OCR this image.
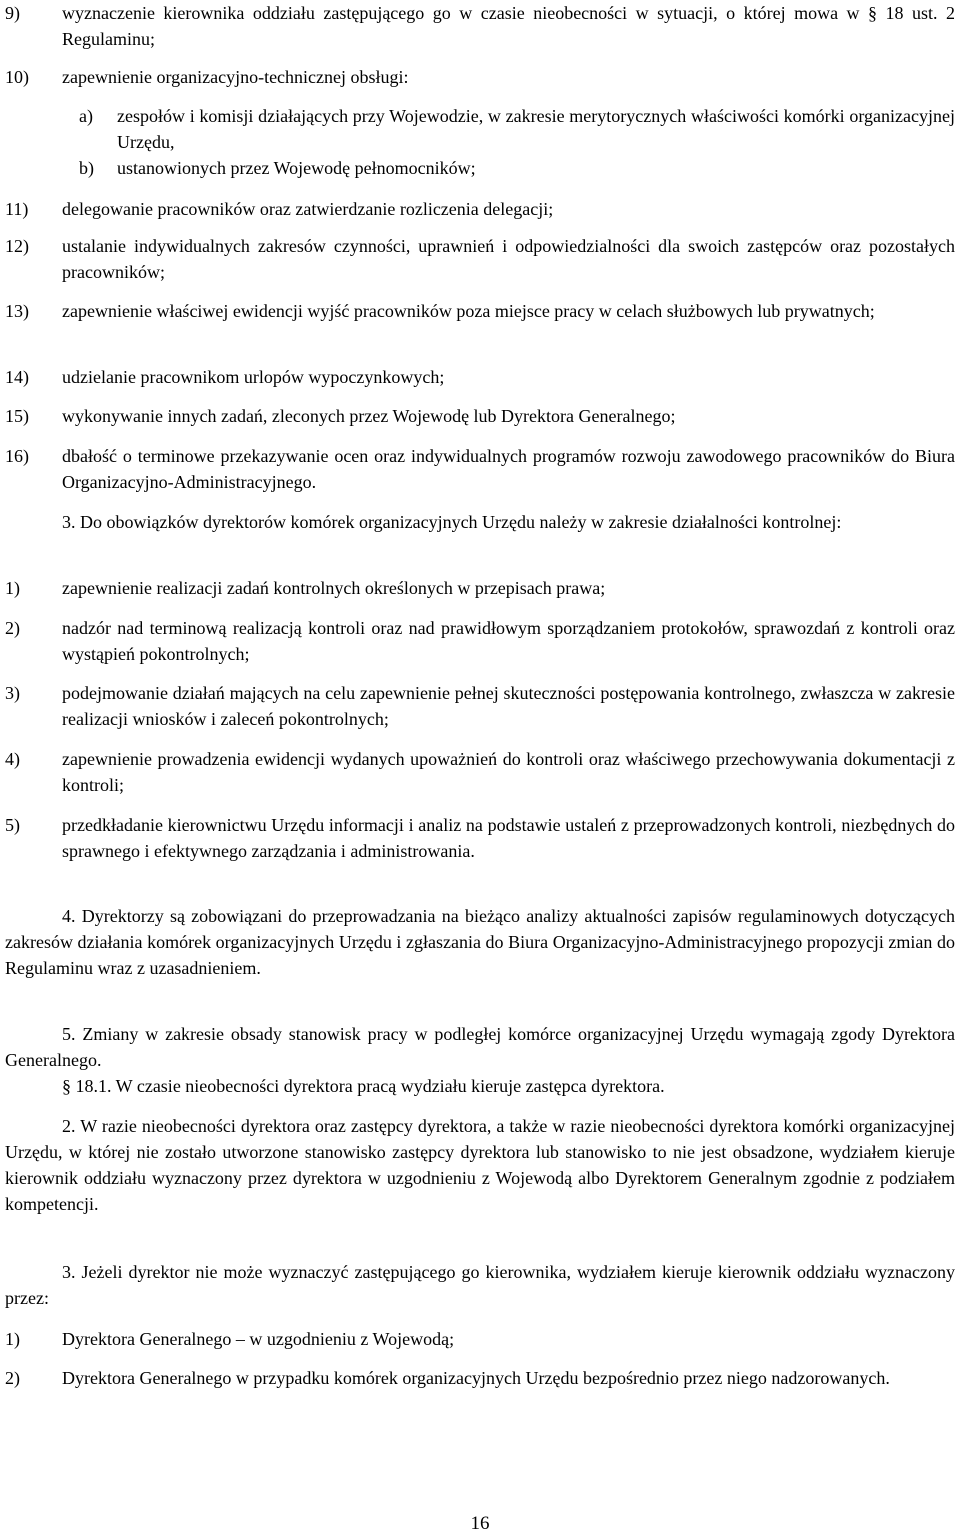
9) wyznaczenie kierownika oddziału zastępującego go w czasie nieobecności w sytuacji, o której mowa w § 18 ust. 2 Regulaminu;
10) zapewnienie organizacyjno-technicznej obsługi:
a) zespołów i komisji działających przy Wojewodzie, w zakresie merytorycznych właściwości komórki organizacyjnej Urzędu,
b) ustanowionych przez Wojewodę pełnomocników;
11) delegowanie pracowników oraz zatwierdzanie rozliczenia delegacji;
12) ustalanie indywidualnych zakresów czynności, uprawnień i odpowiedzialności dla swoich zastępców oraz pozostałych pracowników;
13) zapewnienie właściwej ewidencji wyjść pracowników poza miejsce pracy w celach służbowych lub prywatnych;
14) udzielanie pracownikom urlopów wypoczynkowych;
15) wykonywanie innych zadań, zleconych przez Wojewodę lub Dyrektora Generalnego;
16) dbałość o terminowe przekazywanie ocen oraz indywidualnych programów rozwoju zawodowego pracowników do Biura Organizacyjno-Administracyjnego.
3. Do obowiązków dyrektorów komórek organizacyjnych Urzędu należy w zakresie działalności kontrolnej:
1) zapewnienie realizacji zadań kontrolnych określonych w przepisach prawa;
2) nadzór nad terminową realizacją kontroli oraz nad prawidłowym sporządzaniem protokołów, sprawozdań z kontroli oraz wystąpień pokontrolnych;
3) podejmowanie działań mających na celu zapewnienie pełnej skuteczności postępowania kontrolnego, zwłaszcza w zakresie realizacji wniosków i zaleceń pokontrolnych;
4) zapewnienie prowadzenia ewidencji wydanych upoważnień do kontroli oraz właściwego przechowywania dokumentacji z kontroli;
5) przedkładanie kierownictwu Urzędu informacji i analiz na podstawie ustaleń z przeprowadzonych kontroli, niezbędnych do sprawnego i efektywnego zarządzania i administrowania.
4. Dyrektorzy są zobowiązani do przeprowadzania na bieżąco analizy aktualności zapisów regulaminowych dotyczących zakresów działania komórek organizacyjnych Urzędu i zgłaszania do Biura Organizacyjno-Administracyjnego propozycji zmian do Regulaminu wraz z uzasadnieniem.
5. Zmiany w zakresie obsady stanowisk pracy w podległej komórce organizacyjnej Urzędu wymagają zgody Dyrektora Generalnego.
§ 18.1. W czasie nieobecności dyrektora pracą wydziału kieruje zastępca dyrektora.
2. W razie nieobecności dyrektora oraz zastępcy dyrektora, a także w razie nieobecności dyrektora komórki organizacyjnej Urzędu, w której nie zostało utworzone stanowisko zastępcy dyrektora lub stanowisko to nie jest obsadzone, wydziałem kieruje kierownik oddziału wyznaczony przez dyrektora w uzgodnieniu z Wojewodą albo Dyrektorem Generalnym zgodnie z podziałem kompetencji.
3. Jeżeli dyrektor nie może wyznaczyć zastępującego go kierownika, wydziałem kieruje kierownik oddziału wyznaczony przez:
1) Dyrektora Generalnego – w uzgodnieniu z Wojewodą;
2) Dyrektora Generalnego w przypadku komórek organizacyjnych Urzędu bezpośrednio przez niego nadzorowanych.
16
